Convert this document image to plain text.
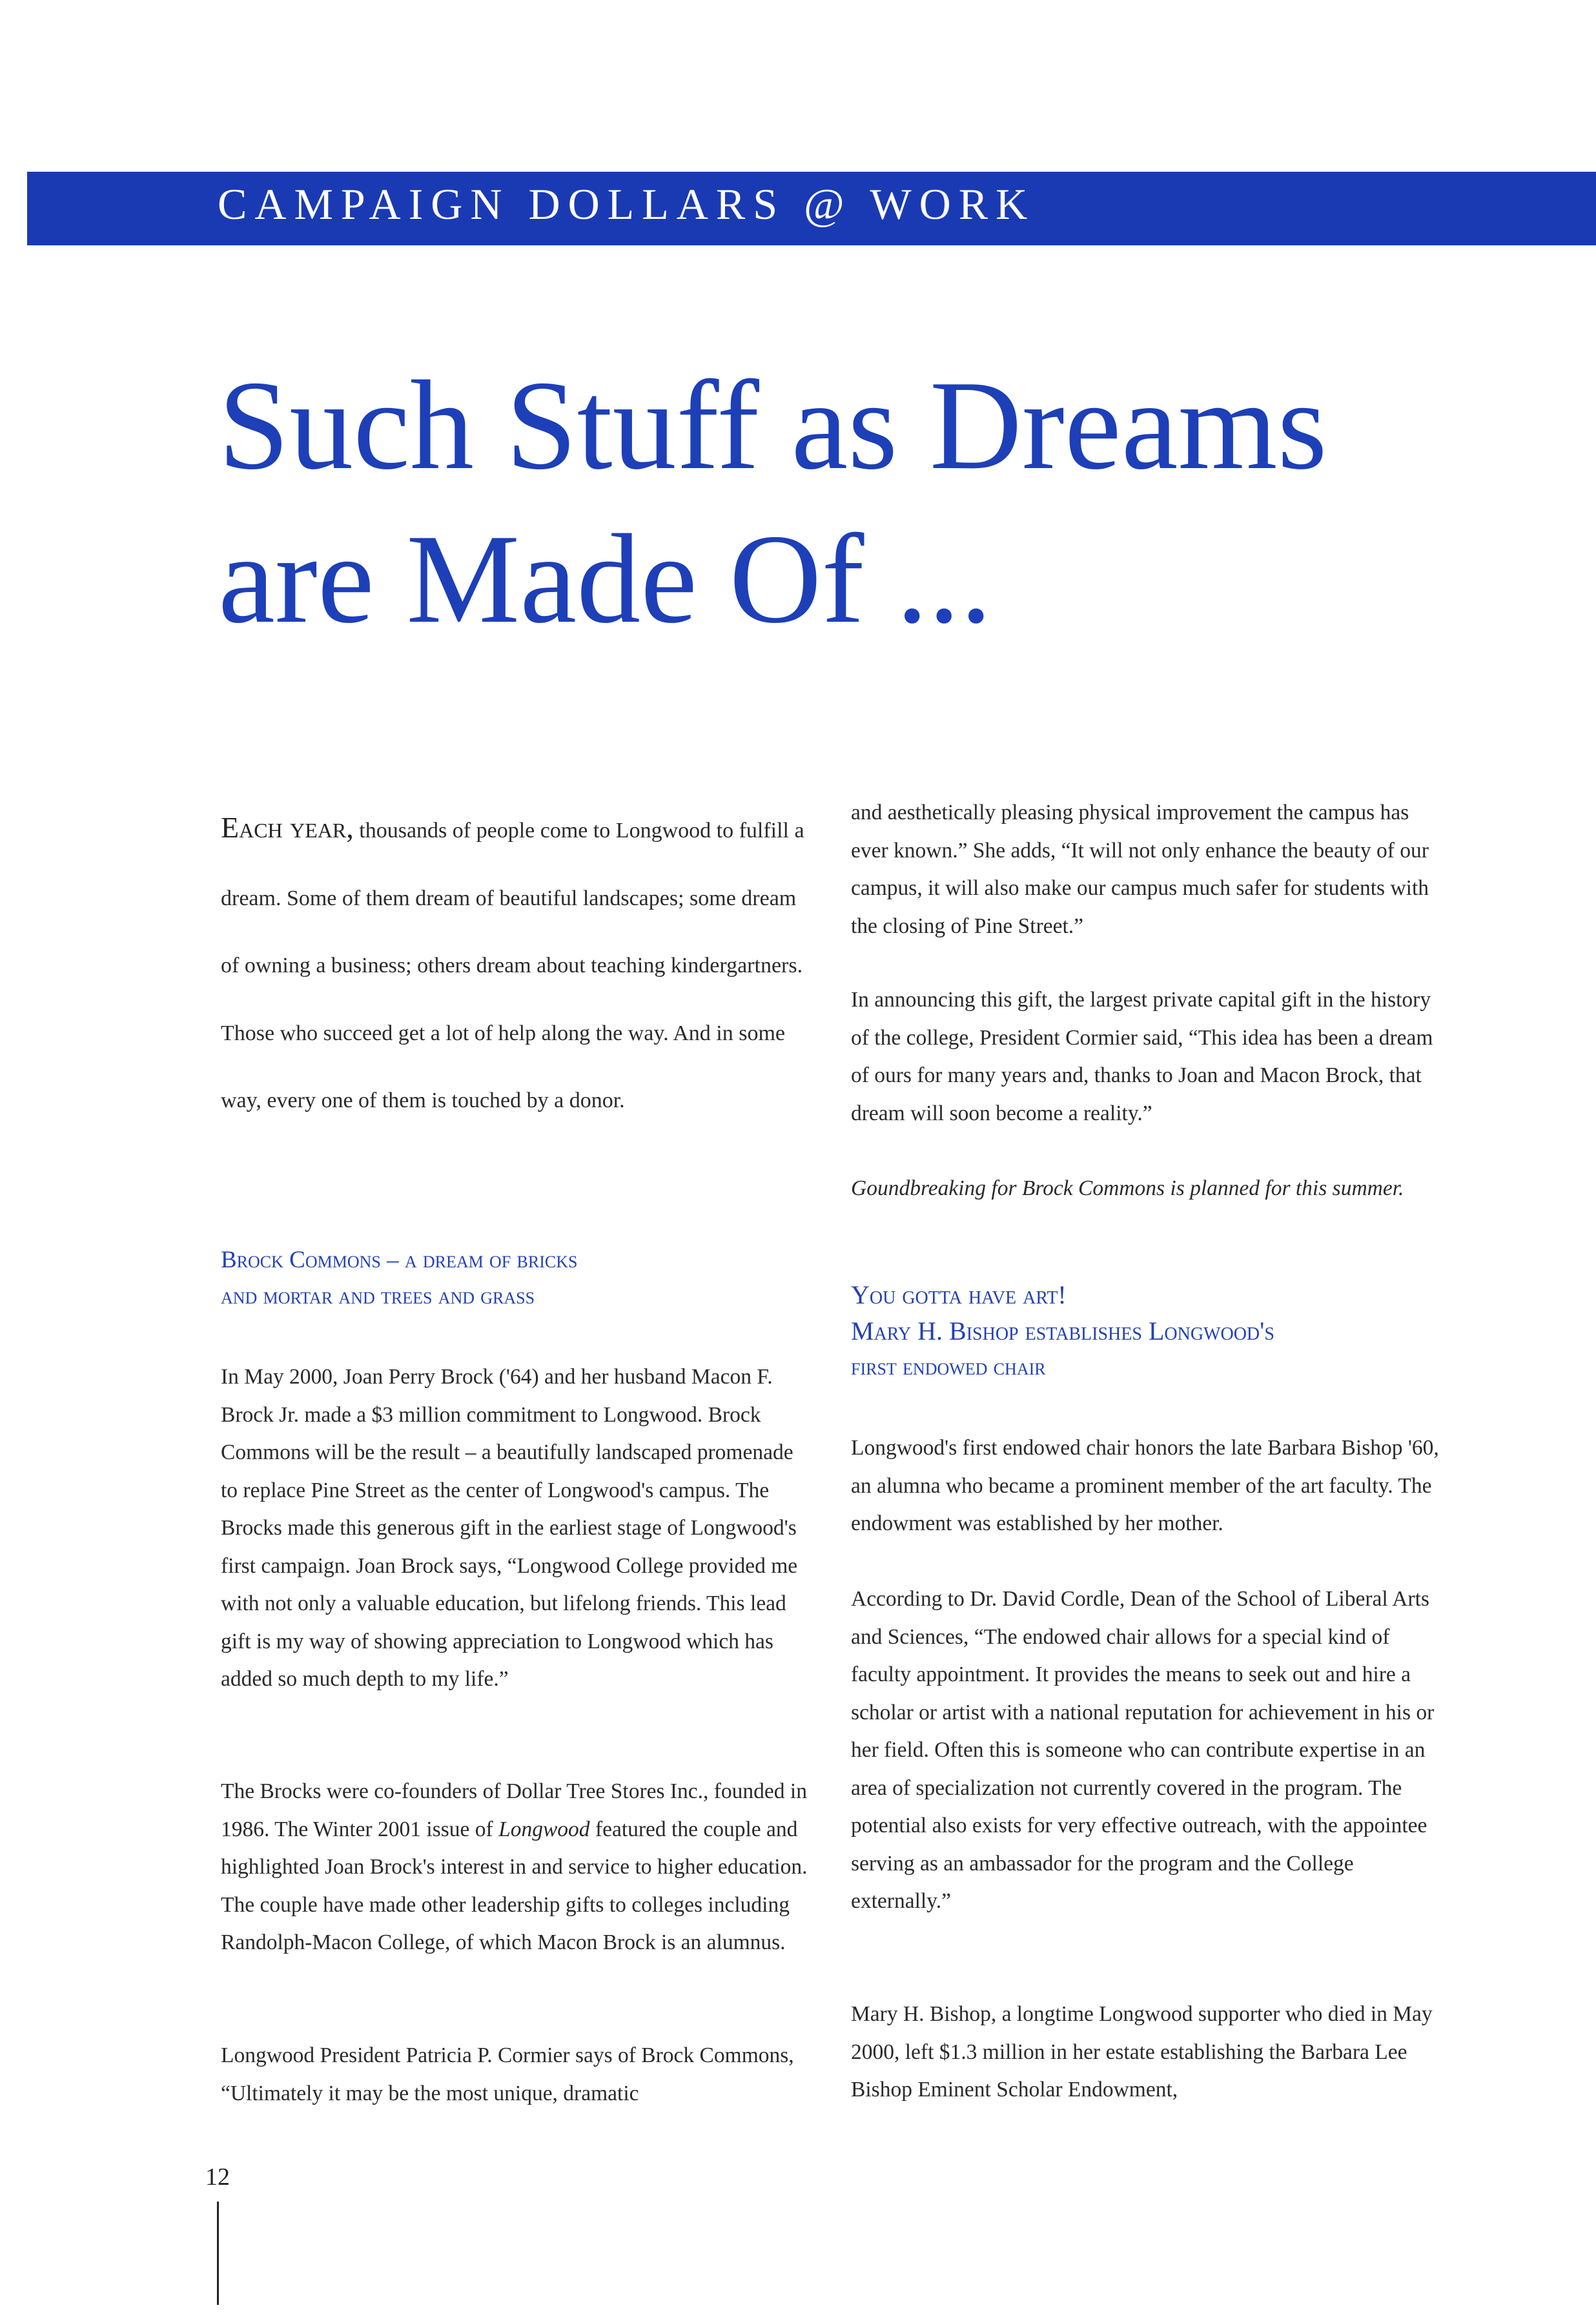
CAMPAIGN DOLLARS @ WORK
Such Stuff as Dreams
are Made Of ...

Each year, thousands of people come to Longwood to fulfill a dream. Some of them dream of beautiful landscapes; some dream of owning a business; others dream about teaching kindergartners. Those who succeed get a lot of help along the way. And in some way, every one of them is touched by a donor.

Brock Commons – a dream of bricks
and mortar and trees and grass

In May 2000, Joan Perry Brock ('64) and her husband Macon F. Brock Jr. made a $3 million commitment to Longwood. Brock Commons will be the result – a beautifully landscaped promenade to replace Pine Street as the center of Longwood's campus. The Brocks made this generous gift in the earliest stage of Longwood's first campaign. Joan Brock says, “Longwood College provided me with not only a valuable education, but lifelong friends. This lead gift is my way of showing appreciation to Longwood which has added so much depth to my life.”

The Brocks were co-founders of Dollar Tree Stores Inc., founded in 1986. The Winter 2001 issue of Longwood featured the couple and highlighted Joan Brock's interest in and service to higher education. The couple have made other leadership gifts to colleges including Randolph-Macon College, of which Macon Brock is an alumnus.

Longwood President Patricia P. Cormier says of Brock Commons, “Ultimately it may be the most unique, dramatic

and aesthetically pleasing physical improvement the campus has ever known.” She adds, “It will not only enhance the beauty of our campus, it will also make our campus much safer for students with the closing of Pine Street.”

In announcing this gift, the largest private capital gift in the history of the college, President Cormier said, “This idea has been a dream of ours for many years and, thanks to Joan and Macon Brock, that dream will soon become a reality.”

Goundbreaking for Brock Commons is planned for this summer.

You gotta have art!
Mary H. Bishop establishes Longwood's
first endowed chair

Longwood's first endowed chair honors the late Barbara Bishop '60, an alumna who became a prominent member of the art faculty. The endowment was established by her mother.

According to Dr. David Cordle, Dean of the School of Liberal Arts and Sciences, “The endowed chair allows for a special kind of faculty appointment. It provides the means to seek out and hire a scholar or artist with a national reputation for achievement in his or her field. Often this is someone who can contribute expertise in an area of specialization not currently covered in the program. The potential also exists for very effective outreach, with the appointee serving as an ambassador for the program and the College externally.”

Mary H. Bishop, a longtime Longwood supporter who died in May 2000, left $1.3 million in her estate establishing the Barbara Lee Bishop Eminent Scholar Endowment,

12
